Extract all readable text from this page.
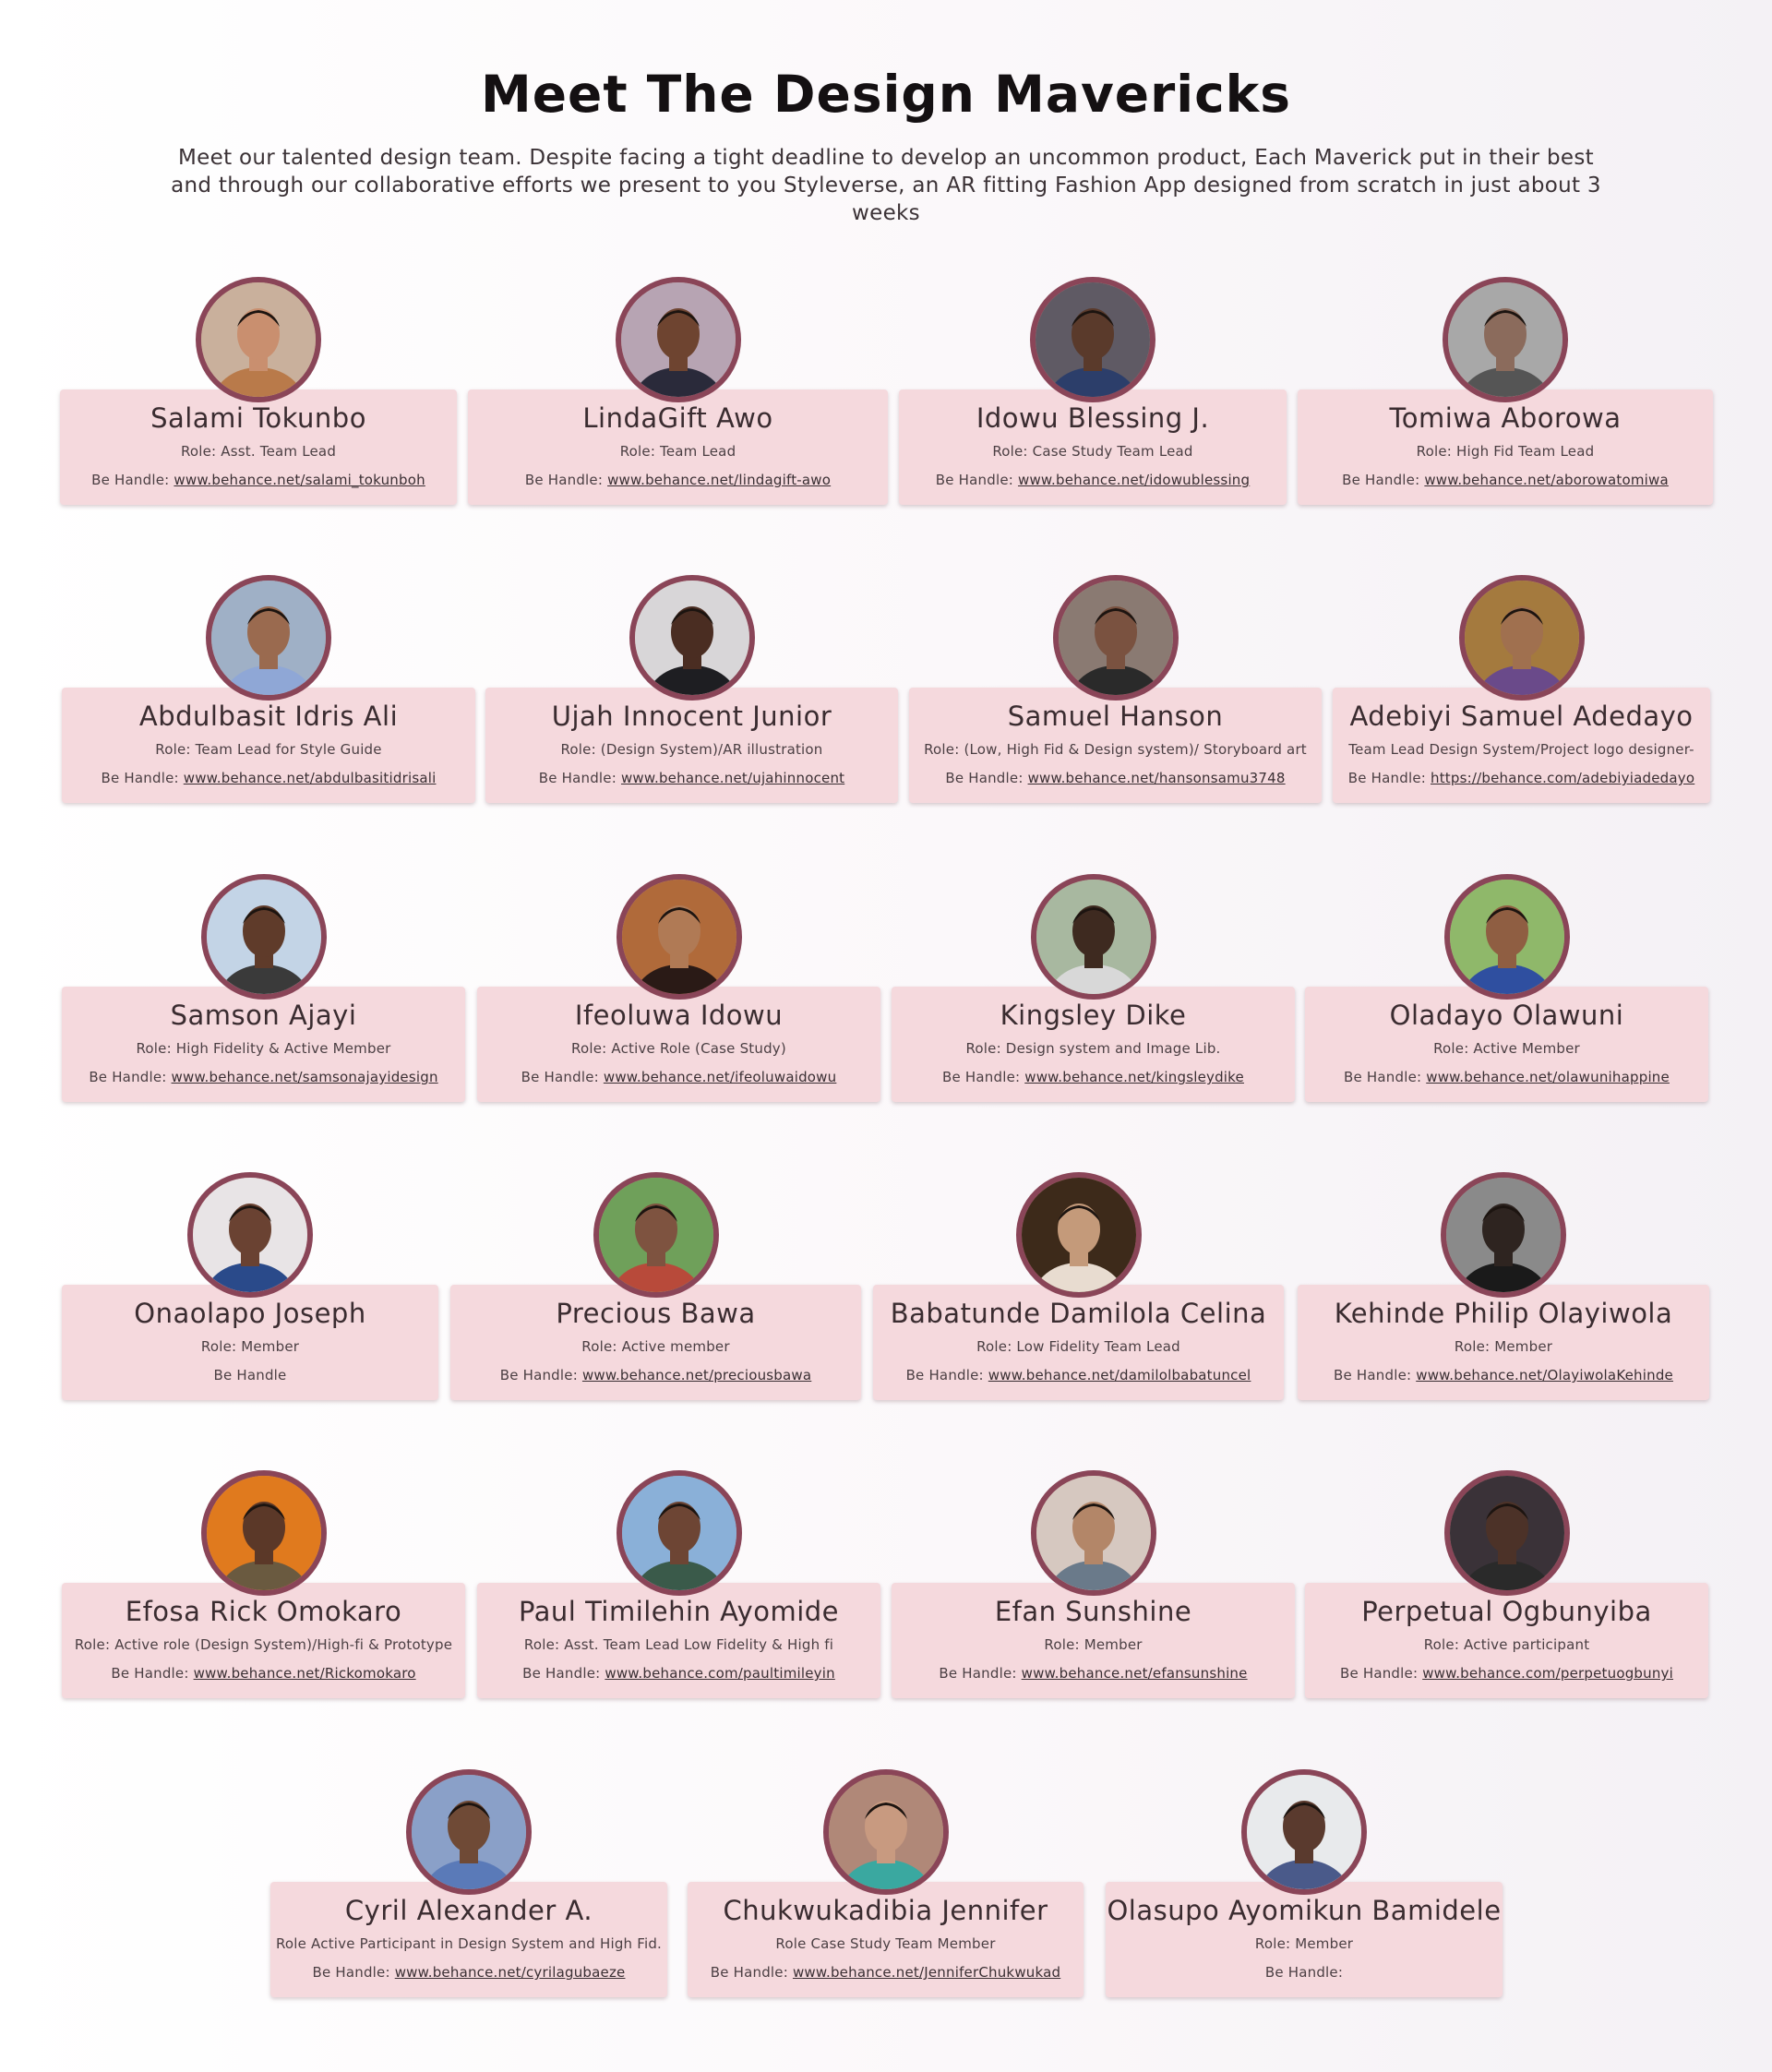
Meet The Design Mavericks

Meet our talented design team. Despite facing a tight deadline to develop an uncommon product, Each Maverick put in their best and through our collaborative efforts we present to you Styleverse, an AR fitting Fashion App designed from scratch in just about 3 weeks

Salami Tokunbo
Role: Asst. Team Lead
Be Handle: www.behance.net/salami_tokunboh
LindaGift Awo
Role: Team Lead
Be Handle: www.behance.net/lindagift-awo
Idowu Blessing J.
Role: Case Study Team Lead
Be Handle: www.behance.net/idowublessing
Tomiwa Aborowa
Role: High Fid Team Lead
Be Handle: www.behance.net/aborowatomiwa
Abdulbasit Idris Ali
Role: Team Lead for Style Guide
Be Handle: www.behance.net/abdulbasitidrisali
Ujah Innocent Junior
Role: (Design System)/AR illustration
Be Handle: www.behance.net/ujahinnocent
Samuel Hanson
Role: (Low, High Fid & Design system)/ Storyboard art
Be Handle: www.behance.net/hansonsamu3748
Adebiyi Samuel Adedayo
Team Lead Design System/Project logo designer-
Be Handle: https://behance.com/adebiyiadedayo
Samson Ajayi
Role: High Fidelity & Active Member
Be Handle: www.behance.net/samsonajayidesign
Ifeoluwa Idowu
Role: Active Role (Case Study)
Be Handle: www.behance.net/ifeoluwaidowu
Kingsley Dike
Role: Design system and Image Lib.
Be Handle: www.behance.net/kingsleydike
Oladayo Olawuni
Role: Active Member
Be Handle: www.behance.net/olawunihappine
Onaolapo Joseph
Role: Member
Be Handle
Precious Bawa
Role: Active member
Be Handle: www.behance.net/preciousbawa
Babatunde Damilola Celina
Role: Low Fidelity Team Lead
Be Handle: www.behance.net/damilolbabatuncel
Kehinde Philip Olayiwola
Role: Member
Be Handle: www.behance.net/OlayiwolaKehinde
Efosa Rick Omokaro
Role: Active role (Design System)/High-fi & Prototype
Be Handle: www.behance.net/Rickomokaro
Paul Timilehin Ayomide
Role: Asst. Team Lead Low Fidelity & High fi
Be Handle: www.behance.com/paultimileyin
Efan Sunshine
Role: Member
Be Handle: www.behance.net/efansunshine
Perpetual Ogbunyiba
Role: Active participant
Be Handle: www.behance.com/perpetuogbunyi
Cyril Alexander A.
Role Active Participant in Design System and High Fid.
Be Handle: www.behance.net/cyrilagubaeze
Chukwukadibia Jennifer
Role Case Study Team Member
Be Handle: www.behance.net/JenniferChukwukad
Olasupo Ayomikun Bamidele
Role: Member
Be Handle:
